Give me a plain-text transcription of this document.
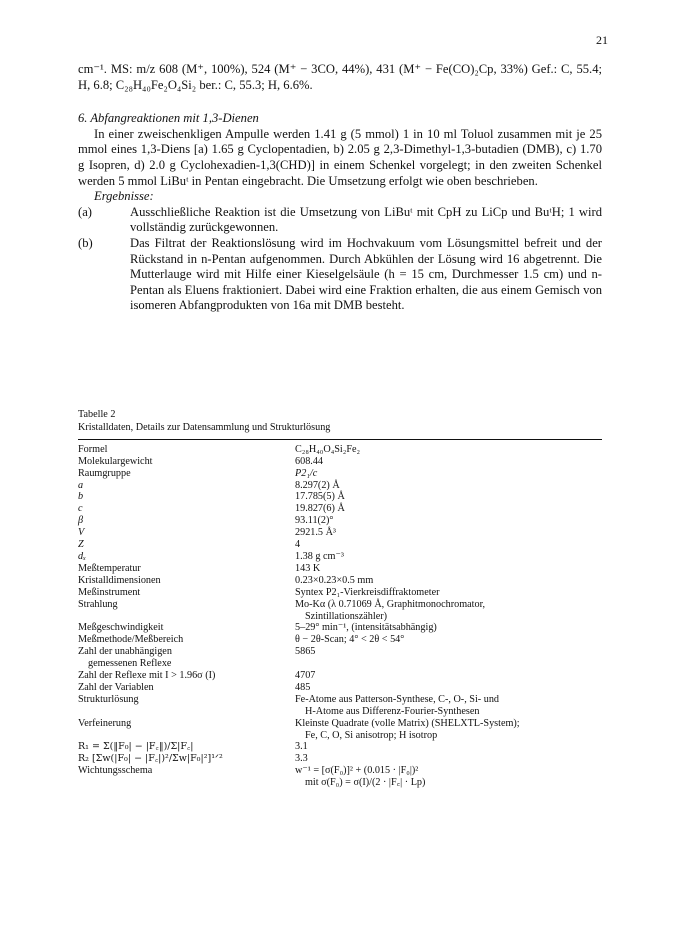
21

cm⁻¹. MS: m/z 608 (M⁺, 100%), 524 (M⁺ − 3CO, 44%), 431 (M⁺ − Fe(CO)₂Cp, 33%) Gef.: C, 55.4; H, 6.8; C₂₈H₄₀Fe₂O₄Si₂ ber.: C, 55.3; H, 6.6%.

6. Abfangreaktionen mit 1,3-Dienen

In einer zweischenkligen Ampulle werden 1.41 g (5 mmol) 1 in 10 ml Toluol zusammen mit je 25 mmol eines 1,3-Diens [a) 1.65 g Cyclopentadien, b) 2.05 g 2,3-Dimethyl-1,3-butadien (DMB), c) 1.70 g Isopren, d) 2.0 g Cyclohexadien-1,3(CHD)] in einem Schenkel vorgelegt; in den zweiten Schenkel werden 5 mmol LiBuᵗ in Pentan eingebracht. Die Umsetzung erfolgt wie oben beschrieben.

Ergebnisse:

(a)	Ausschließliche Reaktion ist die Umsetzung von LiBuᵗ mit CpH zu LiCp und BuᵗH; 1 wird vollständig zurückgewonnen.
(b)	Das Filtrat der Reaktionslösung wird im Hochvakuum vom Lösungsmittel befreit und der Rückstand in n-Pentan aufgenommen. Durch Abkühlen der Lösung wird 16 abgetrennt. Die Mutterlauge wird mit Hilfe einer Kieselgelsäule (h = 15 cm, Durchmesser 1.5 cm) und n-Pentan als Eluens fraktioniert. Dabei wird eine Fraktion erhalten, die aus einem Gemisch von isomeren Abfangprodukten von 16a mit DMB besteht.

Tabelle 2

Kristalldaten, Details zur Datensammlung und Strukturlösung

Formel	C₂₈H₄₀O₄Si₂Fe₂

Molekulargewicht	608.44

Raumgruppe	P2₁/c

a	8.297(2) Å

b	17.785(5) Å

c	19.827(6) Å

β	93.11(2)°

V	2921.5 Å³

Z	4

dₓ	1.38 g cm⁻³

Meßtemperatur	143 K

Kristalldimensionen	0.23×0.23×0.5 mm

Meßinstrument	Syntex P2₁-Vierkreisdiffraktometer

Strahlung	Mo-Kα (λ 0.71069 Å, Graphitmonochromator,
Szintillationszähler)

Meßgeschwindigkeit	5–29° min⁻¹, (intensitätsabhängig)

Meßmethode/Meßbereich	θ − 2θ-Scan; 4° < 2θ < 54°

Zahl der unabhängigen
gemessenen Reflexe	5865

Zahl der Reflexe mit I > 1.96σ (I)	4707

Zahl der Variablen	485

Strukturlösung	Fe-Atome aus Patterson-Synthese, C-, O-, Si- und
H-Atome aus Differenz-Fourier-Synthesen

Verfeinerung	Kleinste Quadrate (volle Matrix) (SHELXTL-System);
Fe, C, O, Si anisotrop; H isotrop

R₁ = Σ(‖F₀| − |F꜀‖)/Σ|F꜀|	3.1

R₂ [Σw(|F₀| − |F꜀|)²/Σw|F₀|²]¹ᐟ²	3.3

Wichtungsschema	w⁻¹ = [σ(F₀)]² + (0.015 · |F₀|)²
mit σ(F₀) = σ(I)/(2 · |F꜀| · Lp)
